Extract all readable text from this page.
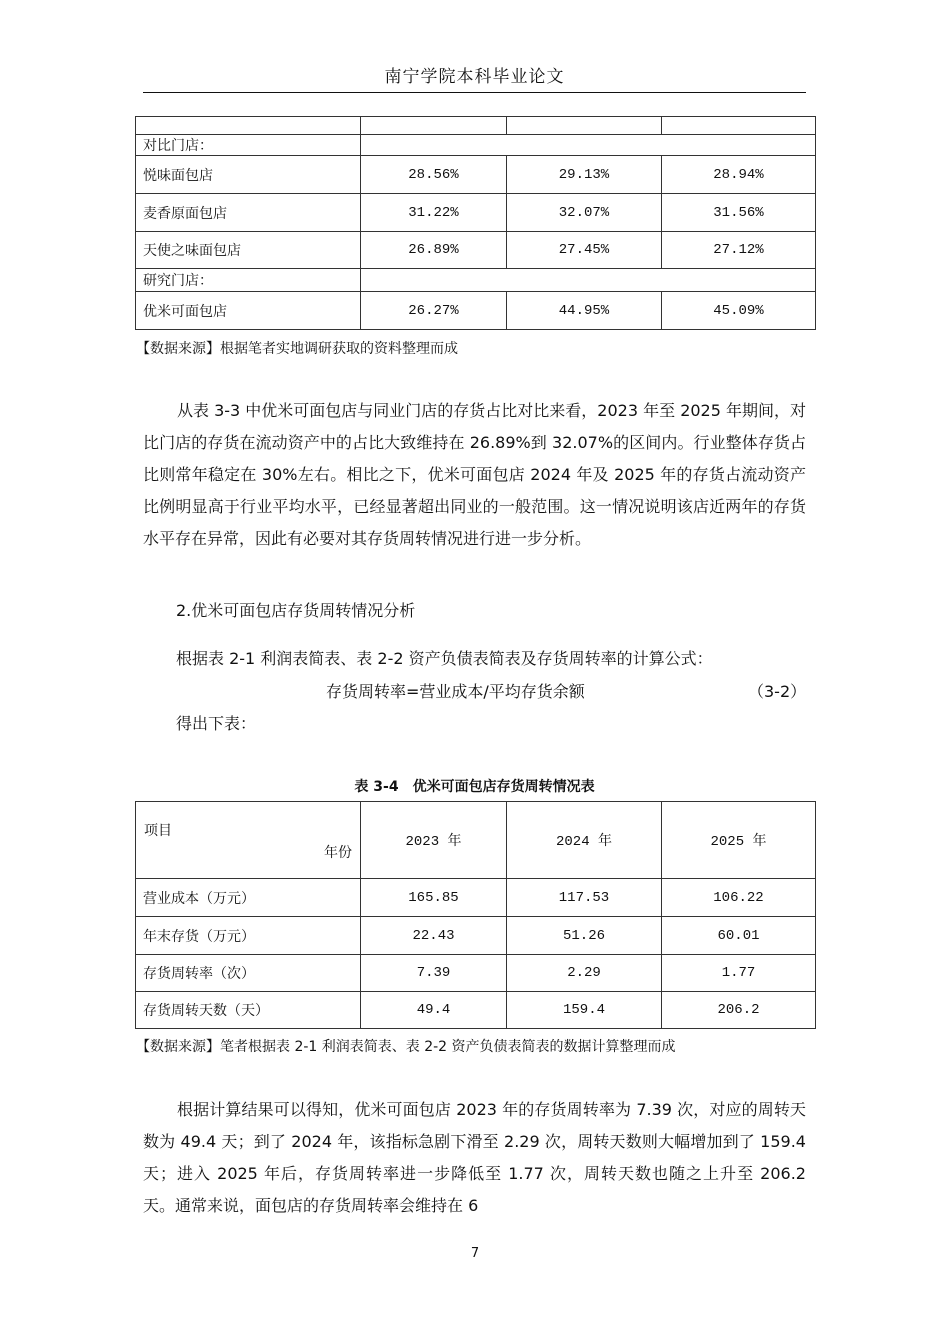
南宁学院本科毕业论文

对比门店：			
悦味面包店	28.56%	29.13%	28.94%
麦香原面包店	31.22%	32.07%	31.56%
天使之味面包店	26.89%	27.45%	27.12%
研究门店：			
优米可面包店	26.27%	44.95%	45.09%
【数据来源】根据笔者实地调研获取的资料整理而成

从表 3-3 中优米可面包店与同业门店的存货占比对比来看，2023 年至 2025 年期间，对比门店的存货在流动资产中的占比大致维持在 26.89%到 32.07%的区间内。行业整体存货占比则常年稳定在 30%左右。相比之下，优米可面包店 2024 年及 2025 年的存货占流动资产比例明显高于行业平均水平，已经显著超出同业的一般范围。这一情况说明该店近两年的存货水平存在异常，因此有必要对其存货周转情况进行进一步分析。

2.优米可面包店存货周转情况分析
根据表 2-1 利润表简表、表 2-2 资产负债表简表及存货周转率的计算公式：
存货周转率=营业成本/平均存货余额	（3-2）
得出下表：
表 3-4　优米可面包店存货周转情况表
项目
年份	2023 年	2024 年	2025 年
营业成本（万元）	165.85	117.53	106.22
年末存货（万元）	22.43	51.26	60.01
存货周转率（次）	7.39	2.29	1.77
存货周转天数（天）	49.4	159.4	206.2
【数据来源】笔者根据表 2-1 利润表简表、表 2-2 资产负债表简表的数据计算整理而成

根据计算结果可以得知，优米可面包店 2023 年的存货周转率为 7.39 次，对应的周转天数为 49.4 天；到了 2024 年，该指标急剧下滑至 2.29 次，周转天数则大幅增加到了 159.4 天；进入 2025 年后，存货周转率进一步降低至 1.77 次，周转天数也随之上升至 206.2 天。通常来说，面包店的存货周转率会维持在 6

7
